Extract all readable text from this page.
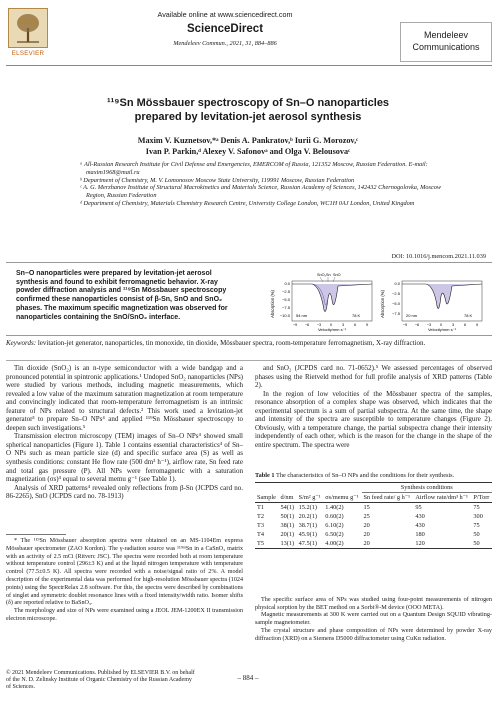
ELSEVIER
Available online at www.sciencedirect.com
ScienceDirect
Mendeleev Commun., 2021, 31, 884–886
Mendeleev
Communications
¹¹⁹Sn Mössbauer spectroscopy of Sn–O nanoparticles
prepared by levitation-jet aerosol synthesis
Maxim V. Kuznetsov,*ᵃ Denis A. Pankratov,ᵇ Iurii G. Morozov,ᶜ
Ivan P. Parkin,ᵈ Alexey V. Safonovᵃ and Olga V. Belousovaᶜ
ᵃ All-Russian Research Institute for Civil Defense and Emergencies, EMERCOM of Russia, 121352 Moscow, Russian Federation. E-mail: maxim1968@mail.ru
ᵇ Department of Chemistry, M. V. Lomonosov Moscow State University, 119991 Moscow, Russian Federation
ᶜ A. G. Merzhanov Institute of Structural Macrokinetics and Materials Science, Russian Academy of Sciences, 142432 Chernogolovka, Moscow Region, Russian Federation
ᵈ Department of Chemistry, Materials Chemistry Research Centre, University College London, WC1H 0AJ London, United Kingdom
DOI: 10.1016/j.mencom.2021.11.039
Sn–O nanoparticles were prepared by levitation-jet aerosol synthesis and found to exhibit ferromagnetic behavior. X-ray powder diffraction analysis and ¹¹⁹Sn Mössbauer spectroscopy confirmed these nanoparticles consist of β-Sn, SnO and SnO₂ phases. The maximum specific magnetization was observed for nanoparticles containing the SnO/SnO₂ interface.	Absorption (%)
0.0
−2.5
−5.0
−7.5
−10.0
SnO₂ Sn SnO
54 nm	78 K
−9 −6 −3 0	3	6	9
Velocity/mm s⁻¹
Absorption (%)
0.0
−2.5
−5.0
−7.5 20 nm	78 K
−9 −6 −3 0	3	6	9
Velocity/mm s⁻¹
Keywords: levitation-jet generator, nanoparticles, tin monoxide, tin dioxide, Mössbauer spectra, room-temperature ferromagnetism, X-ray diffraction.

Tin dioxide (SnO₂) is an n-type semiconductor with a wide bandgap and a pronounced potential in spintronic applications.¹ Undoped SnO₂ nanoparticles (NPs) were studied by various methods, including magnetic measurements, which revealed a low value of the maximum saturation magnetization at room temperature and convincingly indicated that room-temperature ferromagnetism is an intrinsic feature of NPs related to structural defects.² This work used a levitation-jet generator³ to prepare Sn–O NPs⁴ and applied ¹¹⁹Sn Mössbauer spectroscopy to deepen such investigations.⁵

Transmission electron microscopy (TEM) images of Sn–O NPs⁴ showed small spherical nanoparticles (Figure 1). Table 1 contains essential characteristics⁴ of Sn–O NPs such as mean particle size (d) and specific surface area (S) as well as synthesis conditions: constant He flow rate (500 dm³ h⁻¹), airflow rate, Sn feed rate and total gas pressure (P). All NPs were ferromagnetic with a saturation magnetization (σs)⁴ equal to several memu g⁻¹ (see Table 1).

Analysis of XRD patterns⁴ revealed only reflections from β-Sn (JCPDS card no. 86-2265), SnO (JCPDS card no. 78-1913)

* The ¹¹⁹Sn Mössbauer absorption spectra were obtained on an MS-1104Em express Mössbauer spectrometer (ZAO Kordon). The γ-radiation source was ¹¹⁹ᵐSn in a CaSnO₃ matrix with an activity of 2.5 mCi (Ritverc JSC). The spectra were recorded both at room temperature without temperature control (296±3 K) and at the liquid nitrogen temperature with temperature control (77.5±0.5 K). All spectra were recorded with a noise/signal ratio of 2%. A model description of the experimental data was performed for high-resolution Mössbauer spectra (1024 points) using the SpectrRelax 2.8 software. For this, the spectra were described by combinations of singlet and symmetric doublet resonance lines with a fixed intensity/width ratio. Isomer shifts (δ) are reported relative to BaSnO₃.

The morphology and size of NPs were examined using a JEOL JEM-1200EX II transmission electron microscope.

and SnO₂ (JCPDS card no. 71-0652).⁵ We assessed percentages of observed phases using the Rietveld method for full profile analysis of XRD patterns (Table 2).

In the region of low velocities of the Mössbauer spectra of the samples, resonance absorption of a complex shape was observed, which indicates that the experimental spectrum is a sum of partial subspectra. At the same time, the shape and intensity of the spectra are susceptible to temperature changes (Figure 2). Obviously, with a temperature change, the partial subspectra change their intensity independently of each other, which is the reason for the change in the shape of the entire spectrum. The spectra were

Table 1 The characteristics of Sn–O NPs and the conditions for their synthesis.
				Synthesis conditions		
Sample	d/nm	S/m² g⁻¹	σs/memu g⁻¹	Sn feed rate/ g h⁻¹	Airflow rate/dm³ h⁻¹	P/Torr
T1	54(1)	15.2(1)	1.40(2)	15	95	75
T2	50(1)	20.2(1)	0.60(2)	25	430	300
T3	38(1)	38.7(1)	6.10(2)	20	430	75
T4	20(1)	45.9(1)	6.50(2)	20	180	50
T5	13(1)	47.5(1)	4.00(2)	20	120	50

The specific surface area of NPs was studied using four-point measurements of nitrogen physical sorption by the BET method on a Sorbi®-M device (OOO META).

Magnetic measurements at 300 K were carried out on a Quantum Design SQUID vibrating-sample magnetometer.

The crystal structure and phase composition of NPs were determined by powder X-ray diffraction (XRD) on a Siemens D5000 diffractometer using CuKα radiation.

© 2021 Mendeleev Communications. Published by ELSEVIER B.V. on behalf of the N. D. Zelinsky Institute of Organic Chemistry of the Russian Academy of Sciences.
– 884 –
